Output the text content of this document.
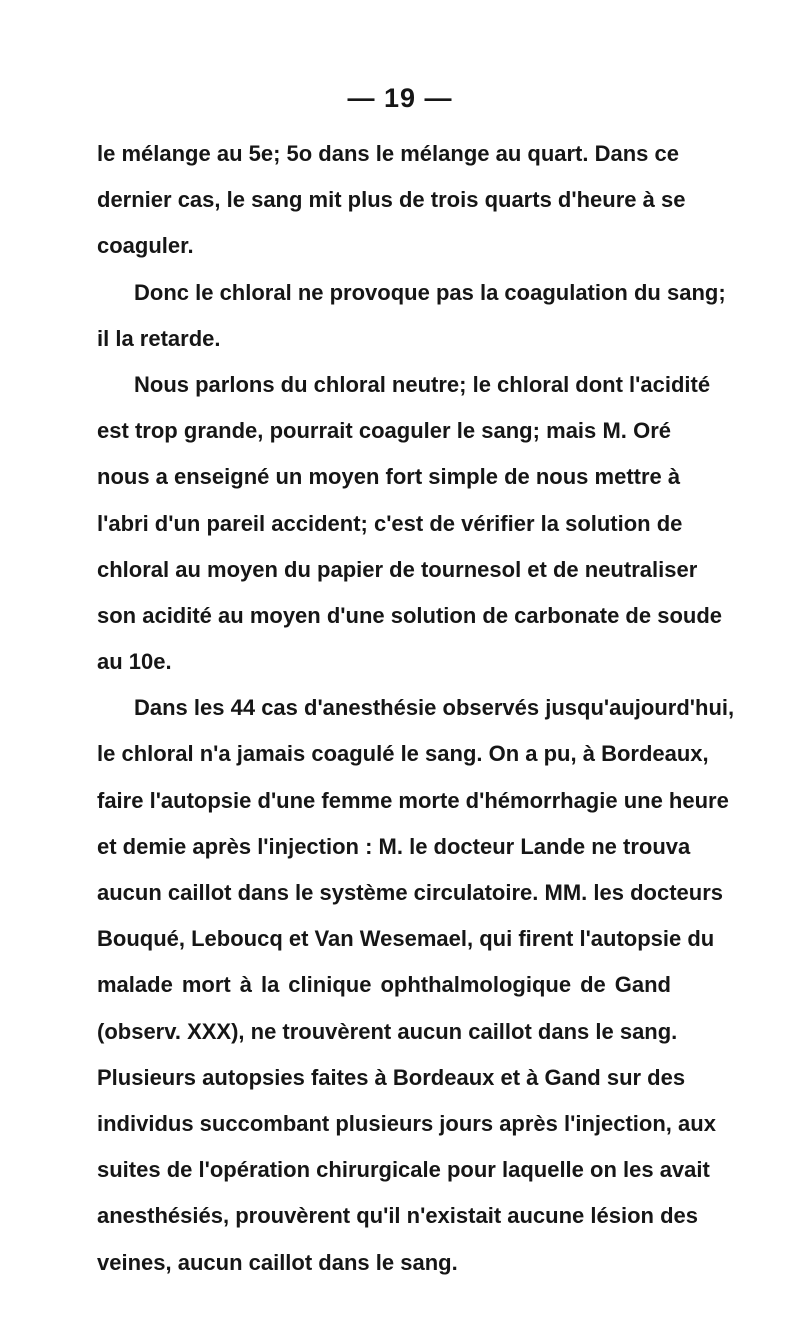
— 19 —
le mélange au 5e; 5o dans le mélange au quart. Dans ce
dernier cas, le sang mit plus de trois quarts d'heure à se
coaguler.
Donc le chloral ne provoque pas la coagulation du sang;
il la retarde.
Nous parlons du chloral neutre; le chloral dont l'acidité
est trop grande, pourrait coaguler le sang; mais M. Oré
nous a enseigné un moyen fort simple de nous mettre à
l'abri d'un pareil accident; c'est de vérifier la solution de
chloral au moyen du papier de tournesol et de neutraliser
son acidité au moyen d'une solution de carbonate de soude
au 10e.
Dans les 44 cas d'anesthésie observés jusqu'aujourd'hui,
le chloral n'a jamais coagulé le sang. On a pu, à Bordeaux,
faire l'autopsie d'une femme morte d'hémorrhagie une heure
et demie après l'injection : M. le docteur Lande ne trouva
aucun caillot dans le système circulatoire. MM. les docteurs
Bouqué, Leboucq et Van Wesemael, qui firent l'autopsie du
malade mort à la clinique ophthalmologique de Gand
(observ. XXX), ne trouvèrent aucun caillot dans le sang.
Plusieurs autopsies faites à Bordeaux et à Gand sur des
individus succombant plusieurs jours après l'injection, aux
suites de l'opération chirurgicale pour laquelle on les avait
anesthésiés, prouvèrent qu'il n'existait aucune lésion des
veines, aucun caillot dans le sang.
